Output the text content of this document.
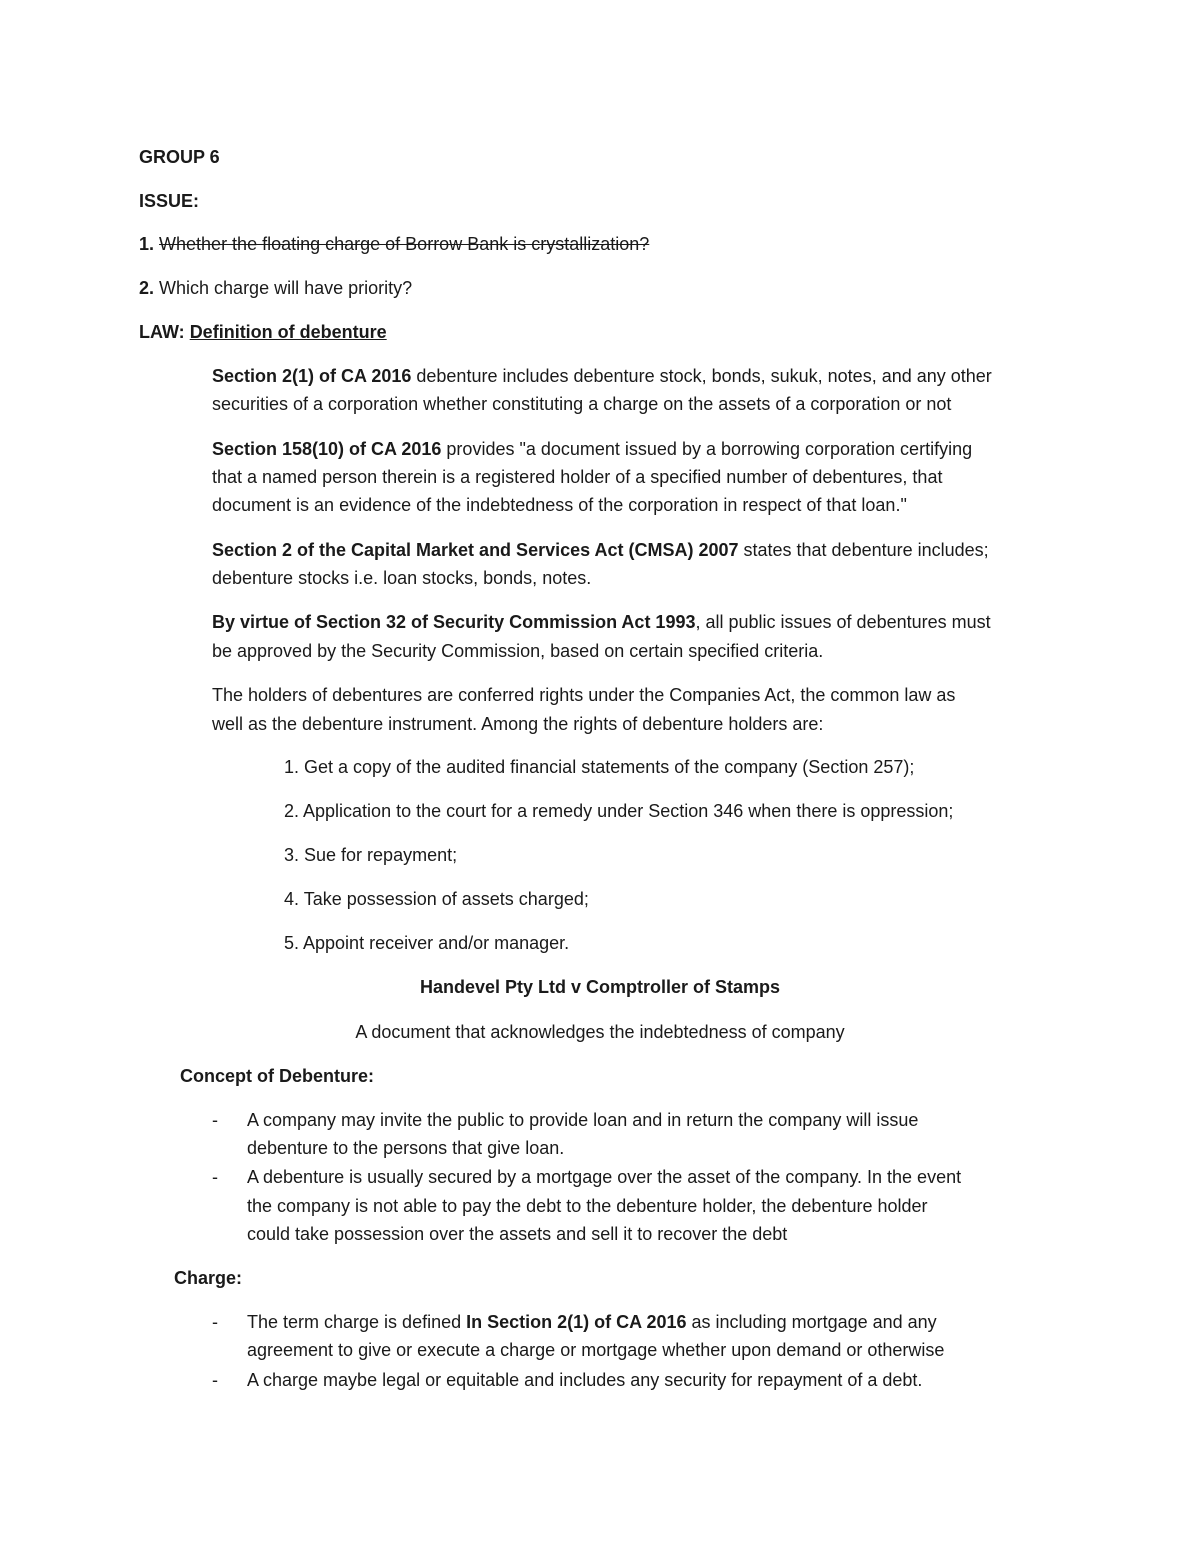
GROUP 6
ISSUE:
1. Whether the floating charge of Borrow Bank is crystallization?
2. Which charge will have priority?
LAW: Definition of debenture
Section 2(1) of CA 2016 debenture includes debenture stock, bonds, sukuk, notes, and any other
securities of a corporation whether constituting a charge on the assets of a corporation or not
Section 158(10) of CA 2016 provides "a document issued by a borrowing corporation certifying
that a named person therein is a registered holder of a specified number of debentures, that
document is an evidence of the indebtedness of the corporation in respect of that loan."
Section 2 of the Capital Market and Services Act (CMSA) 2007 states that debenture includes;
debenture stocks i.e. loan stocks, bonds, notes.
By virtue of Section 32 of Security Commission Act 1993, all public issues of debentures must
be approved by the Security Commission, based on certain specified criteria.
The holders of debentures are conferred rights under the Companies Act, the common law as
well as the debenture instrument. Among the rights of debenture holders are:
1. Get a copy of the audited financial statements of the company (Section 257);
2. Application to the court for a remedy under Section 346 when there is oppression;
3. Sue for repayment;
4. Take possession of assets charged;
5. Appoint receiver and/or manager.
Handevel Pty Ltd v Comptroller of Stamps
A document that acknowledges the indebtedness of company
Concept of Debenture:
- A company may invite the public to provide loan and in return the company will issue
debenture to the persons that give loan.
- A debenture is usually secured by a mortgage over the asset of the company. In the event
the company is not able to pay the debt to the debenture holder, the debenture holder
could take possession over the assets and sell it to recover the debt
Charge:
- The term charge is defined In Section 2(1) of CA 2016 as including mortgage and any
agreement to give or execute a charge or mortgage whether upon demand or otherwise
- A charge maybe legal or equitable and includes any security for repayment of a debt.
